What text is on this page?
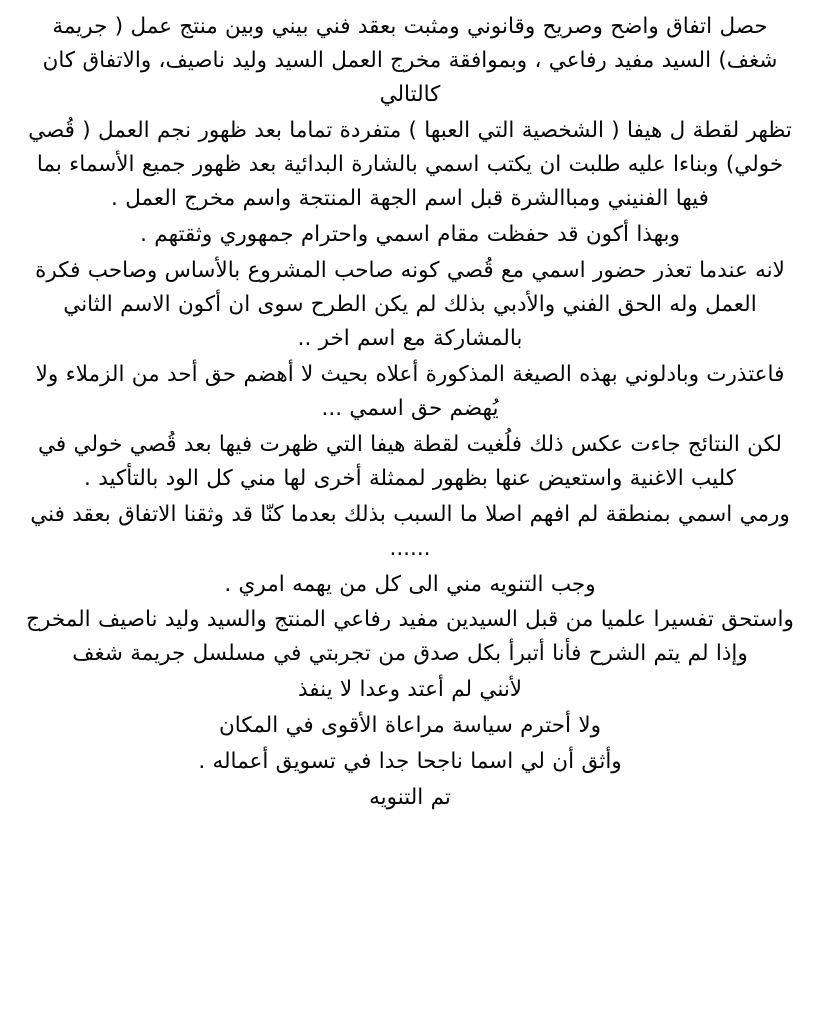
حصل اتفاق واضح وصريح وقانوني ومثبت بعقد فني بيني وبين منتج عمل ( جريمة شغف) السيد مفيد رفاعي ، وبموافقة مخرج العمل السيد وليد ناصيف، والاتفاق كان كالتالي

تظهر لقطة ل هيفا ( الشخصية التي العبها ) متفردة تماما بعد ظهور نجم العمل ( قُصي خولي) وبناءا عليه طلبت ان يكتب اسمي بالشارة البدائية بعد ظهور جميع الأسماء بما فيها الفنيني ومباالشرة قبل اسم الجهة المنتجة واسم مخرج العمل .

وبهذا أكون قد حفظت مقام اسمي واحترام جمهوري وثقتهم .

لانه عندما تعذر حضور اسمي مع قُصي كونه صاحب المشروع بالأساس وصاحب فكرة العمل وله الحق الفني والأدبي بذلك لم يكن الطرح سوى ان أكون الاسم الثاني بالمشاركة مع اسم اخر ..

فاعتذرت وبادلوني بهذه الصيغة المذكورة أعلاه بحيث لا أهضم حق أحد من الزملاء ولا يُهضم حق اسمي ...

لكن النتائج جاءت عكس ذلك فلُغيت لقطة هيفا التي ظهرت فيها بعد قُصي خولي في كليب الاغنية واستعيض عنها بظهور لممثلة أخرى لها مني كل الود بالتأكيد .

ورمي اسمي بمنطقة لم افهم اصلا ما السبب بذلك بعدما كنّا قد وثقنا الاتفاق بعقد فني ......

وجب التنويه مني الى كل من يهمه امري .

واستحق تفسيرا علميا من قبل السيدين مفيد رفاعي المنتج والسيد وليد ناصيف المخرج وإذا لم يتم الشرح فأنا أتبرأ بكل صدق من تجربتي في مسلسل جريمة شغف

لأنني لم أعتد وعدا لا ينفذ

ولا أحترم سياسة مراعاة الأقوى في المكان

وأثق أن لي اسما ناجحا جدا في تسويق أعماله .

تم التنويه
